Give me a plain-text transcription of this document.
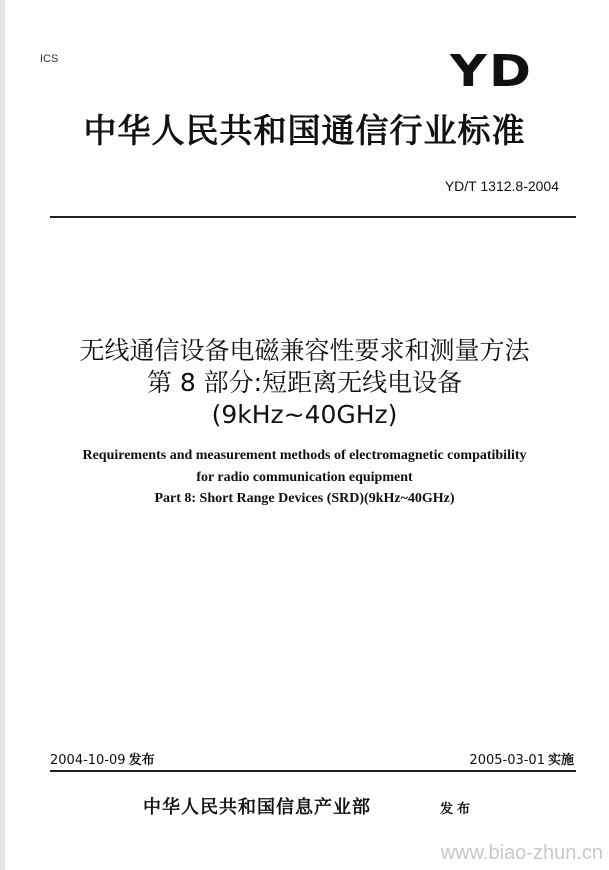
ICS	YD
中华人民共和国通信行业标准
YD/T 1312.8-2004
无线通信设备电磁兼容性要求和测量方法
第 8 部分:短距离无线电设备
(9kHz~40GHz)
Requirements and measurement methods of electromagnetic compatibility
for radio communication equipment
Part 8: Short Range Devices (SRD)(9kHz~40GHz)
2004-10-09 发布	2005-03-01 实施
中华人民共和国信息产业部	发布
www.biao-zhun.cn
